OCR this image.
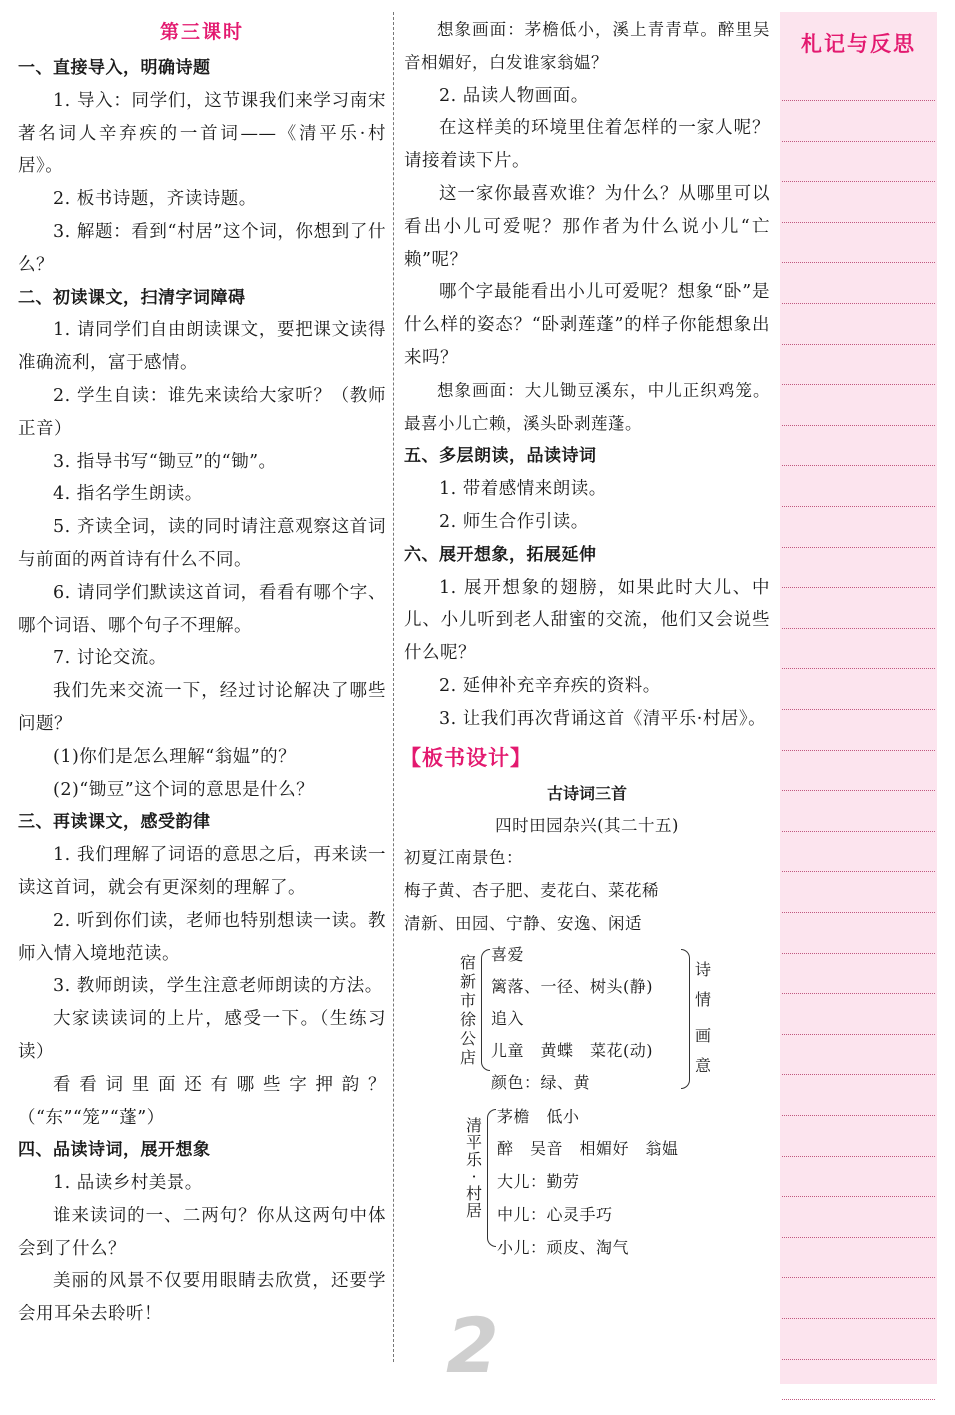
第三课时

一、直接导入，明确诗题

1. 导入：同学们，这节课我们来学习南宋著名词人辛弃疾的一首词——《清平乐·村居》。

2. 板书诗题，齐读诗题。

3. 解题：看到“村居”这个词，你想到了什么？

二、初读课文，扫清字词障碍

1. 请同学们自由朗读课文，要把课文读得准确流利，富于感情。

2. 学生自读：谁先来读给大家听？（教师正音）

3. 指导书写“锄豆”的“锄”。

4. 指名学生朗读。

5. 齐读全词，读的同时请注意观察这首词与前面的两首诗有什么不同。

6. 请同学们默读这首词，看看有哪个字、哪个词语、哪个句子不理解。

7. 讨论交流。

我们先来交流一下，经过讨论解决了哪些问题？

(1)你们是怎么理解“翁媪”的？

(2)“锄豆”这个词的意思是什么？

三、再读课文，感受韵律

1. 我们理解了词语的意思之后，再来读一读这首词，就会有更深刻的理解了。

2. 听到你们读，老师也特别想读一读。教师入情入境地范读。

3. 教师朗读，学生注意老师朗读的方法。

大家读读词的上片，感受一下。（生练习读）

看看词里面还有哪些字押韵？（“东”“笼”“蓬”）

四、品读诗词，展开想象

1. 品读乡村美景。

谁来读词的一、二两句？你从这两句中体会到了什么？

美丽的风景不仅要用眼睛去欣赏，还要学会用耳朵去聆听！

想象画面：茅檐低小，溪上青青草。醉里吴音相媚好，白发谁家翁媪？

2. 品读人物画面。

在这样美的环境里住着怎样的一家人呢？请接着读下片。

这一家你最喜欢谁？为什么？从哪里可以看出小儿可爱呢？那作者为什么说小儿“亡赖”呢？

哪个字最能看出小儿可爱呢？想象“卧”是什么样的姿态？“卧剥莲蓬”的样子你能想象出来吗？

想象画面：大儿锄豆溪东，中儿正织鸡笼。最喜小儿亡赖，溪头卧剥莲蓬。

五、多层朗读，品读诗词

1. 带着感情来朗读。

2. 师生合作引读。

六、展开想象，拓展延伸

1. 展开想象的翅膀，如果此时大儿、中儿、小儿听到老人甜蜜的交流，他们又会说些什么呢？

2. 延伸补充辛弃疾的资料。

3. 让我们再次背诵这首《清平乐·村居》。

【板书设计】

古诗词三首

四时田园杂兴(其二十五)

初夏江南景色：

梅子黄、杏子肥、麦花白、菜花稀

清新、田园、宁静、安逸、闲适

宿新市徐公店
喜爱
篱落、一径、树头(静)
追入
儿童　黄蝶　菜花(动)
颜色：绿、黄
诗情
画意
清平乐·村居
茅檐　低小
醉　吴音　相媚好　翁媪
大儿：勤劳
中儿：心灵手巧
小儿：顽皮、淘气
2
札记与反思
